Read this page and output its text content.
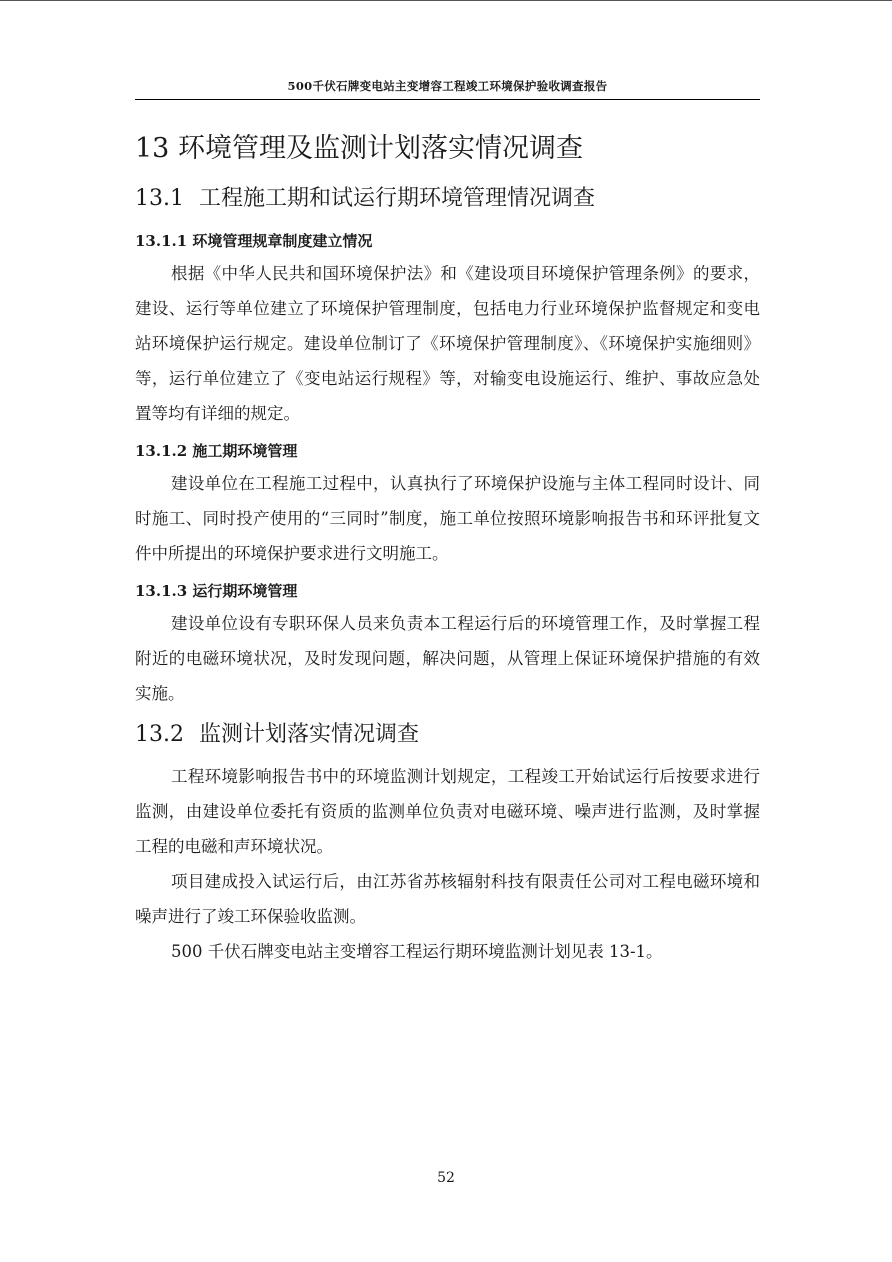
500千伏石牌变电站主变增容工程竣工环境保护验收调查报告
13 环境管理及监测计划落实情况调查
13.1 工程施工期和试运行期环境管理情况调查
13.1.1 环境管理规章制度建立情况

根据《中华人民共和国环境保护法》和《建设项目环境保护管理条例》的要求，建设、运行等单位建立了环境保护管理制度，包括电力行业环境保护监督规定和变电站环境保护运行规定。建设单位制订了《环境保护管理制度》、《环境保护实施细则》等，运行单位建立了《变电站运行规程》等，对输变电设施运行、维护、事故应急处置等均有详细的规定。

13.1.2 施工期环境管理

建设单位在工程施工过程中，认真执行了环境保护设施与主体工程同时设计、同时施工、同时投产使用的“三同时”制度，施工单位按照环境影响报告书和环评批复文件中所提出的环境保护要求进行文明施工。

13.1.3 运行期环境管理

建设单位设有专职环保人员来负责本工程运行后的环境管理工作，及时掌握工程附近的电磁环境状况，及时发现问题，解决问题，从管理上保证环境保护措施的有效实施。

13.2 监测计划落实情况调查

工程环境影响报告书中的环境监测计划规定，工程竣工开始试运行后按要求进行监测，由建设单位委托有资质的监测单位负责对电磁环境、噪声进行监测，及时掌握工程的电磁和声环境状况。

项目建成投入试运行后，由江苏省苏核辐射科技有限责任公司对工程电磁环境和噪声进行了竣工环保验收监测。

500 千伏石牌变电站主变增容工程运行期环境监测计划见表 13-1。

52
